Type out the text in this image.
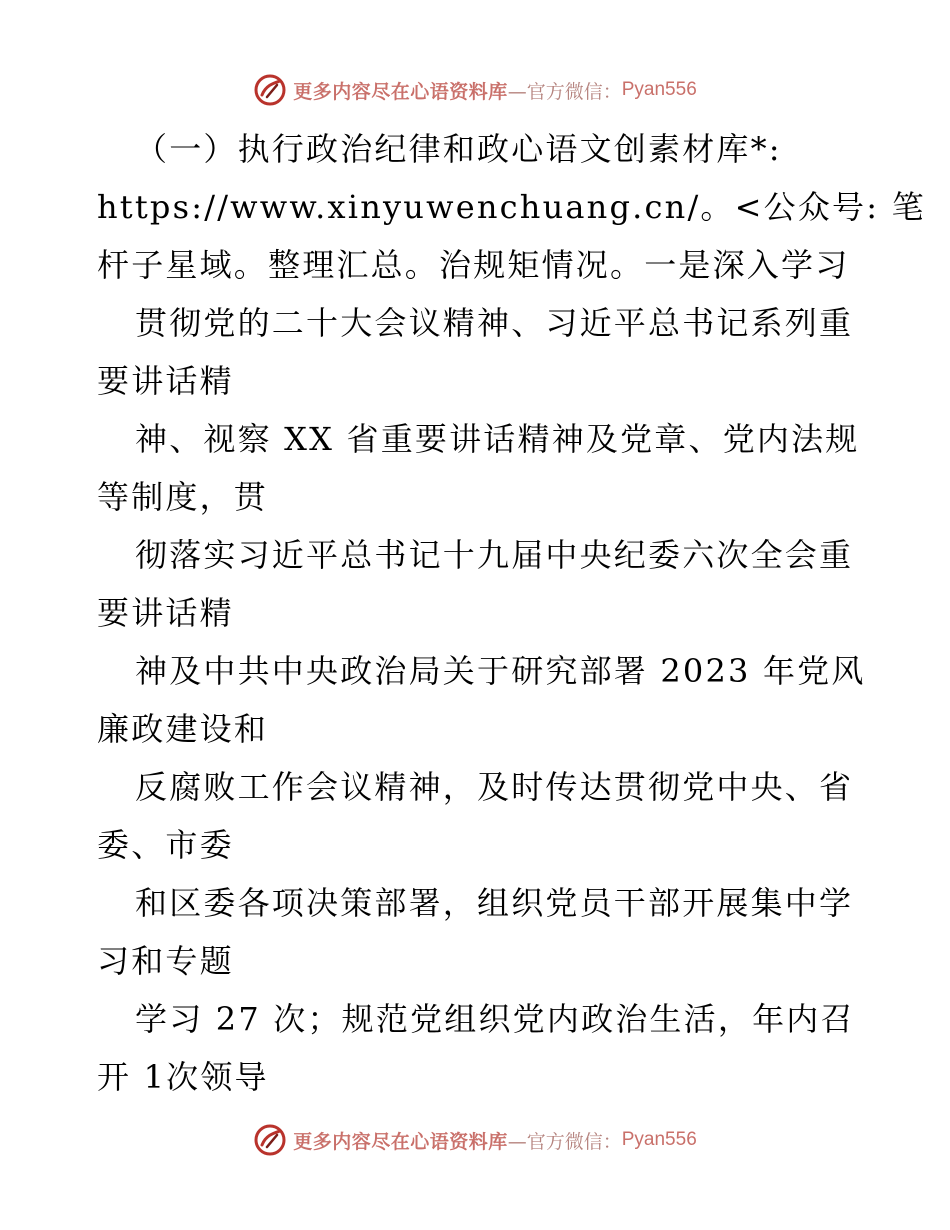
更多内容尽在心语资料库 —官方微信： Pyan556
（一）执行政治纪律和政心语文创素材库*:
https://www.xinyuwenchuang.cn/。<公众号: 笔
杆子星域。整理汇总。治规矩情况。一是深入学习
贯彻党的二十大会议精神、习近平总书记系列重
要讲话精
神、视察 XX 省重要讲话精神及党章、党内法规
等制度，贯
彻落实习近平总书记十九届中央纪委六次全会重
要讲话精
神及中共中央政治局关于研究部署 2023 年党风
廉政建设和
反腐败工作会议精神，及时传达贯彻党中央、省
委、市委
和区委各项决策部署，组织党员干部开展集中学
习和专题
学习 27 次；规范党组织党内政治生活，年内召
开 1次领导
更多内容尽在心语资料库 —官方微信： Pyan556
